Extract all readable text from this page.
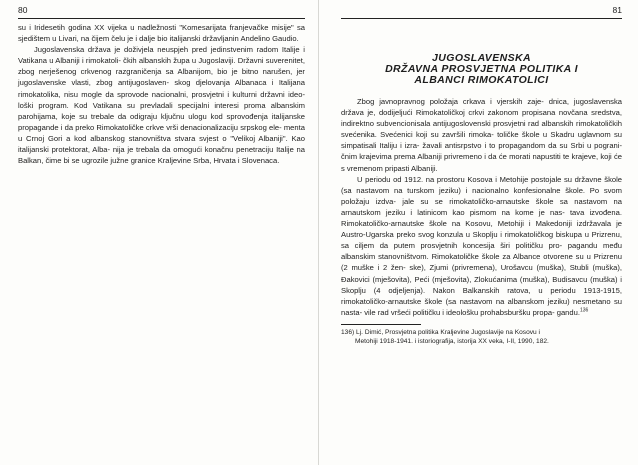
80

su i Iridesetih godina XX vijeka u nadležnosti "Komesarijata franjevačke misije" sa sjedištem u Livari, na čijem čelu je i dalje bio italijanski državljanin Andelino Gaudio.

Jugoslavenska država je doživjela neuspjeh pred jedinstvenim radom Italije i Vatikana u Albaniji i rimokatoli- čkih albanskih župa u Jugoslaviji. Državni suverenitet, zbog nerješenog crkvenog razgraničenja sa Albanijom, bio je bitno narušen, jer jugoslavenske vlasti, zbog antijugoslaven- skog djelovanja Albanaca i Italijana rimokatolika, nisu mogle da sprovode nacionalni, prosvjetni i kulturni državni ideo- loški program. Kod Vatikana su prevladali specijalni interesi proma albanskim parohijama, koje su trebale da odigraju ključnu ulogu kod sprovođenja italijanske propagande i da preko Rimokatoličke crkve vrši denacionalizaciju srpskog ele- menta u Crnoj Gori a kod albanskog stanovništva stvara svjest o "Velikoj Albaniji". Kao italijanski protektorat, Alba- nija je trebala da omogući konačnu penetraciju Italije na Balkan, čime bi se ugrozile južne granice Kraljevine Srba, Hrvata i Slovenaca.

81
JUGOSLAVENSKA
DRŽAVNA PROSVJETNA POLITIKA I
ALBANCI RIMOKATOLICI

Zbog javnopravnog položaja crkava i vjerskih zaje- dnica, jugoslavenska država je, dodijeljući Rimokatoličkoj crkvi zakonom propisana novčana sredstva, indirektno subvencionisala antijugoslovenski prosvjetni rad albanskih rimokatoličkih svećenika. Svećenici koji su završili rimoka- toličke škole u Skadru uglavnom su simpatisali Italiju i izra- žavali antisrpstvo i to propagandom da su Srbi u pograni- čnim krajevima prema Albaniji privremeno i da će morati napustiti te krajeve, koji će s vremenom pripasti Albaniji.

U periodu od 1912. na prostoru Kosova i Metohije postojale su državne škole (sa nastavom na turskom jeziku) i nacionalno konfesionalne škole. Po svom položaju izdva- jale su se rimokatoličko-arnautske škole sa nastavom na arnautskom jeziku i latinicom kao pismom na kome je nas- tava izvođena. Rimokatoličko-arnautske škole na Kosovu, Metohiji i Makedoniji izdržavala je Austro-Ugarska preko svog konzula u Skoplju i rimokatoličkog biskupa u Prizrenu, sa ciljem da putem prosvjetnih koncesija širi političku pro- pagandu među albanskim stanovništvom. Rimokatoličke škole za Albance otvorene su u Prizrenu (2 muške i 2 žen- ske), Zjumi (privremena), Urošavcu (muška), Stubli (muška), Đakovici (mješovita), Peći (mješovita), Zlokućanima (muška), Budisavcu (muška) i Skoplju (4 odjeljenja). Nakon Balkanskih ratova, u periodu 1913-1915, rimokatoličko-arnautske škole (sa nastavom na albanskom jeziku) nesmetano su nasta- vile rad vršeći političku i ideološku prohabsburšku propa- gandu.$^{136}$

136) Lj. Dimić, Prosvjetna politika Kraljevine Jugoslavije na Kosovu i

Metohiji 1918-1941. i istoriografija, istorija XX veka, I-II, 1990, 182.
